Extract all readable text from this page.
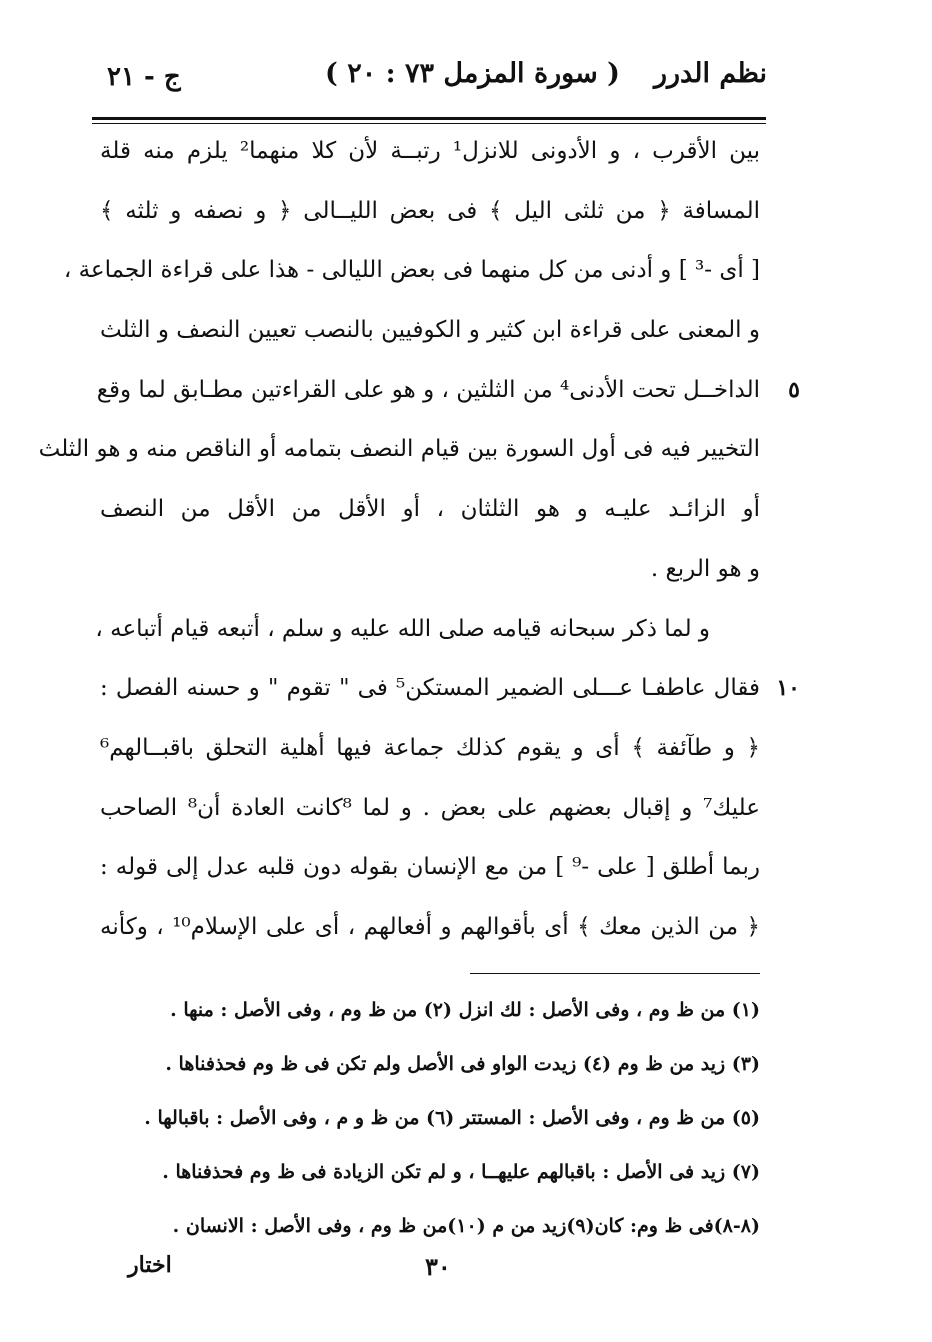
نظم الدرر
( سورة المزمل ٧٣ : ٢٠ )
ج - ٢١
بين الأقرب ، و الأدونى للانزل¹ رتبــة لأن كلا منهما² يلزم منه قلة
المسافة ﴿ من ثلثى اليل ﴾ فى بعض الليــالى ﴿ و نصفه و ثلثه ﴾
[ أى -³ ] و أدنى من كل منهما فى بعض الليالى - هذا على قراءة الجماعة ،
و المعنى على قراءة ابن كثير و الكوفيين بالنصب تعيين النصف و الثلث
الداخــل تحت الأدنى⁴ من الثلثين ، و هو على القراءتين مطـابق لما وقع ٥
التخيير فيه فى أول السورة بين قيام النصف بتمامه أو الناقص منه و هو الثلث
أو الزائـد عليـه و هو الثلثان ، أو الأقل من الأقل من النصف
و هو الربع .
و لما ذكر سبحانه قيامه صلى الله عليه و سلم ، أتبعه قيام أتباعه ،
فقال عاطفـا عـــلى الضمير المستكن⁵ فى " تقوم " و حسنه الفصل : ١٠
﴿ و طآئفة ﴾ أى و يقوم كذلك جماعة فيها أهلية التحلق باقبــالهم⁶
عليك⁷ و إقبال بعضهم على بعض . و لما ⁸كانت العادة أن⁸ الصاحب
ربما أطلق [ على -⁹ ] من مع الإنسان بقوله دون قلبه عدل إلى قوله :
﴿ من الذين معك ﴾ أى بأقوالهم و أفعالهم ، أى على الإسلام¹⁰ ، وكأنه
(١) من ظ وم ، وفى الأصل : لك انزل (٢) من ظ وم ، وفى الأصل : منها .
(٣) زيد من ظ وم (٤) زيدت الواو فى الأصل ولم تكن فى ظ وم فحذفناها .
(٥) من ظ وم ، وفى الأصل : المستتر (٦) من ظ و م ، وفى الأصل : باقبالها .
(٧) زيد فى الأصل : باقبالهم عليهــا ، و لم تكن الزيادة فى ظ وم فحذفناها .
(٨-٨)فى ظ وم: كان(٩)زيد من م (١٠)من ظ وم ، وفى الأصل : الانسان .
٣٠
اختار
